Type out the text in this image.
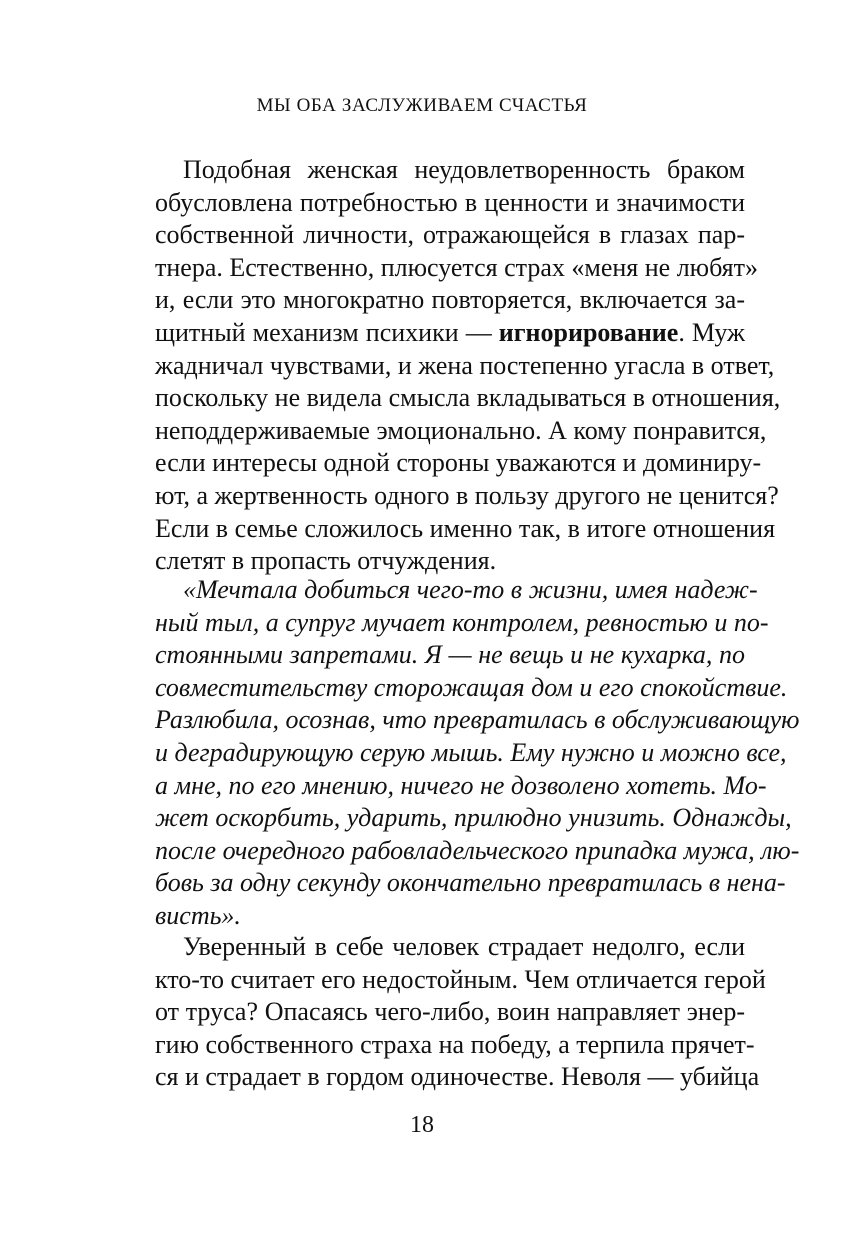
МЫ ОБА ЗАСЛУЖИВАЕМ СЧАСТЬЯ
Подобная женская неудовлетворенность браком
обусловлена потребностью в ценности и значимости
собственной личности, отражающейся в глазах пар-
тнера. Естественно, плюсуется страх «меня не любят»
и, если это многократно повторяется, включается за-
щитный механизм психики — игнорирование. Муж
жадничал чувствами, и жена постепенно угасла в ответ,
поскольку не видела смысла вкладываться в отношения,
неподдерживаемые эмоционально. А кому понравится,
если интересы одной стороны уважаются и доминиру-
ют, а жертвенность одного в пользу другого не ценится?
Если в семье сложилось именно так, в итоге отношения
слетят в пропасть отчуждения.
«Мечтала добиться чего-то в жизни, имея надеж-
ный тыл, а супруг мучает контролем, ревностью и по-
стоянными запретами. Я — не вещь и не кухарка, по
совместительству сторожащая дом и его спокойствие.
Разлюбила, осознав, что превратилась в обслуживающую
и деградирующую серую мышь. Ему нужно и можно все,
а мне, по его мнению, ничего не дозволено хотеть. Мо-
жет оскорбить, ударить, прилюдно унизить. Однажды,
после очередного рабовладельческого припадка мужа, лю-
бовь за одну секунду окончательно превратилась в нена-
висть».
Уверенный в себе человек страдает недолго, если
кто-то считает его недостойным. Чем отличается герой
от труса? Опасаясь чего-либо, воин направляет энер-
гию собственного страха на победу, а терпила прячет-
ся и страдает в гордом одиночестве. Неволя — убийца
18
